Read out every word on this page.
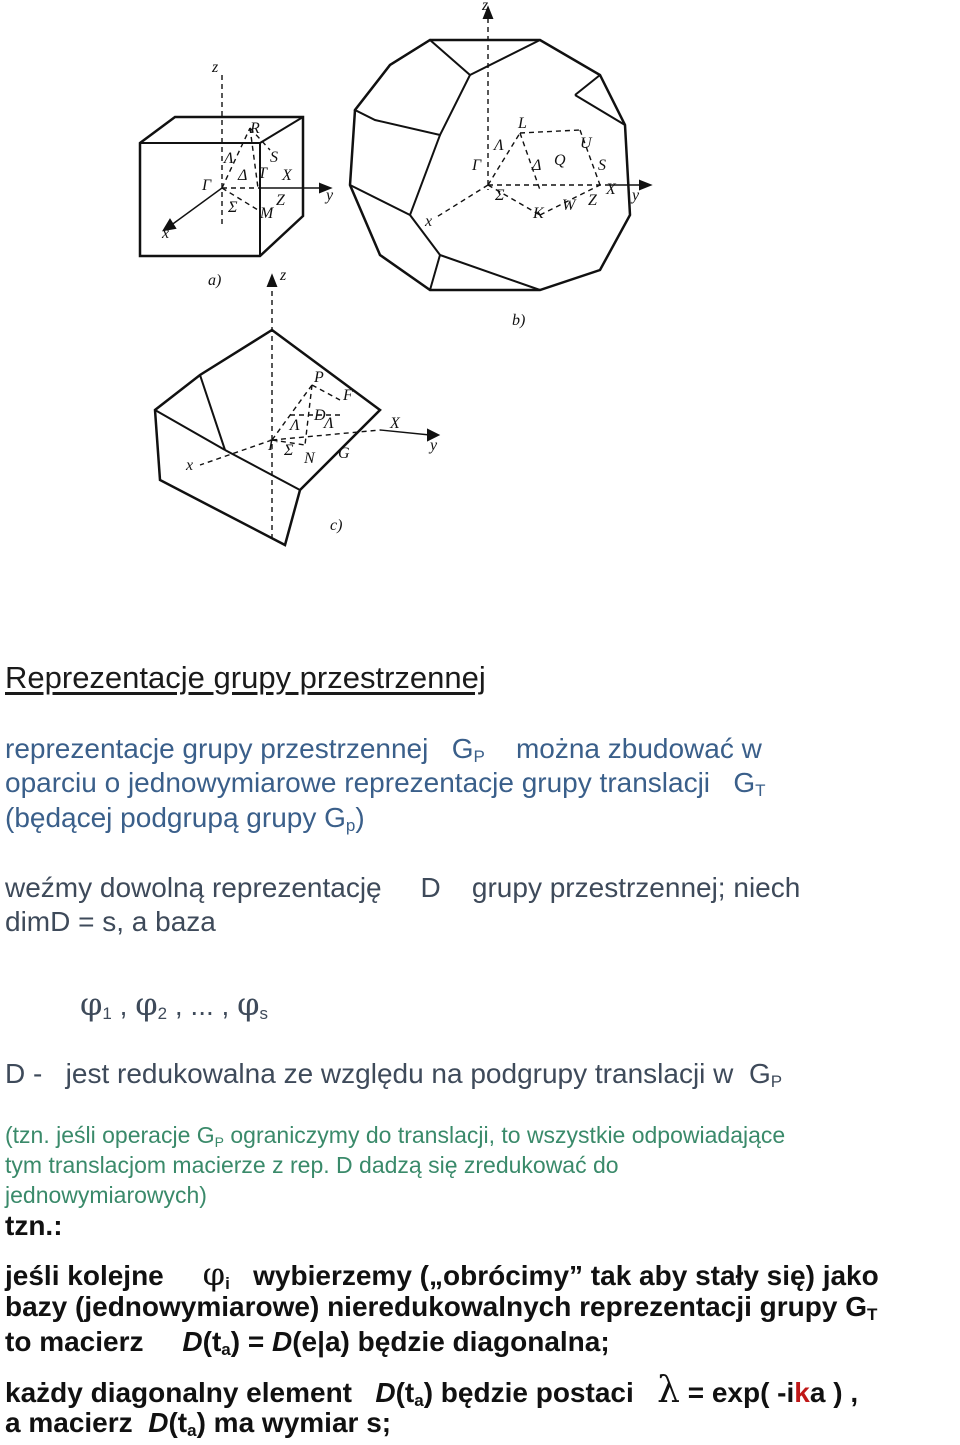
z
x
y
R
Λ S
Γ
Δ T X
Σ Z
M
a)
z
x
y
L
Λ	U
Γ	Δ Q S
Σ
K W Z
X
b)
z
x
y
P
F
D
Λ
Λ
Γ Σ N G
X
c)
Reprezentacje grupy przestrzennej
reprezentacje grupy przestrzennej $G_P$ można zbudować w
oparciu o jednowymiarowe reprezentacje grupy translacji $G_T$
(będącej podgrupą grupy $G_p$)
weźmy dowolną reprezentację D grupy przestrzennej; niech
dimD = s, a baza
$\varphi_1$ , $\varphi_2$ , ... , $\varphi_s$
D - jest redukowalna ze względu na podgrupy translacji w $G_P$
(tzn. jeśli operacje $G_P$ ograniczymy do translacji, to wszystkie odpowiadające
tym translacjom macierze z rep. D dadzą się zredukować do
jednowymiarowych)
tzn.:
jeśli kolejne $\varphi_i$ wybierzemy („obrócimy” tak aby stały się) jako
bazy (jednowymiarowe) nieredukowalnych reprezentacji grupy $G_T$
to macierz $D(t_a) = D(e|a)$ będzie diagonalna;
każdy diagonalny element $D(t_a)$ będzie postaci λ = exp( -ika ) ,
a macierz $D(t_a)$ ma wymiar s;
